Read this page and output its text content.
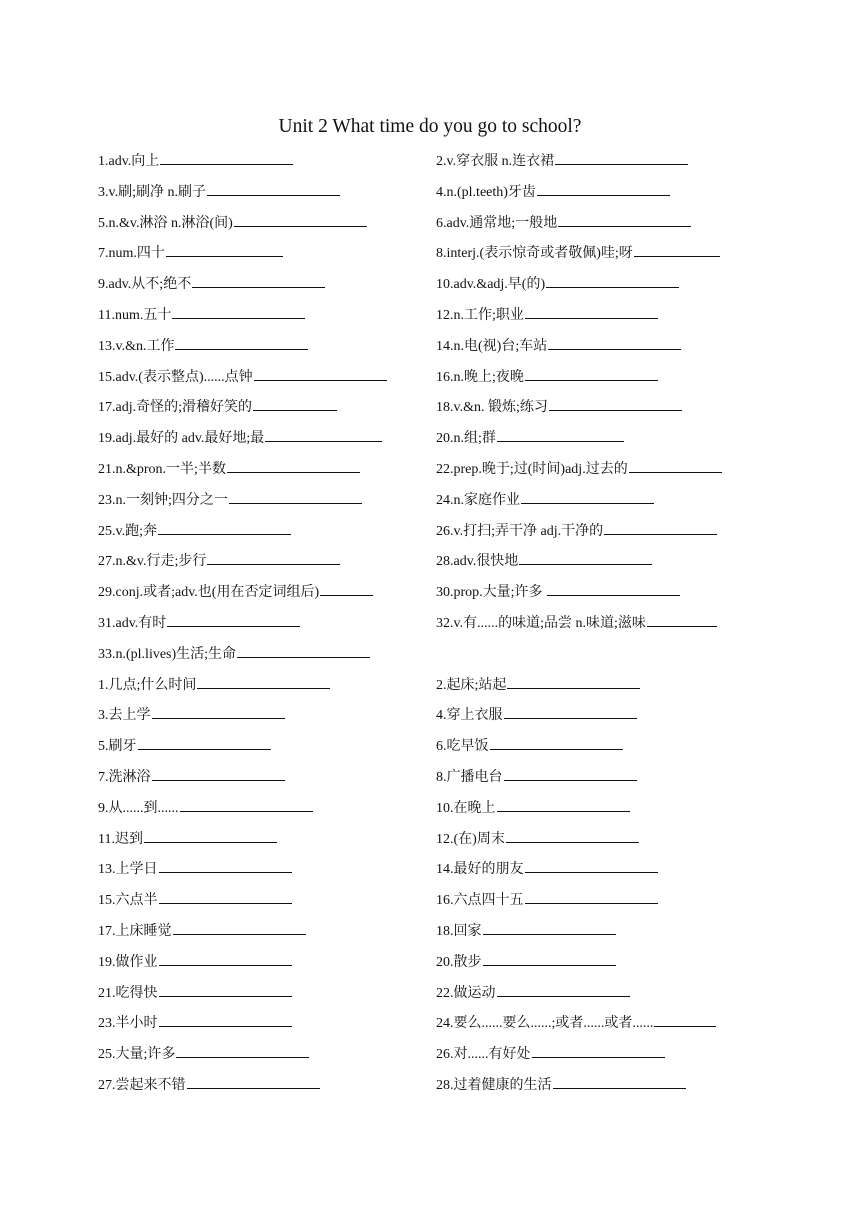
Unit 2 What time do you go to school?
1.adv.向上	2.v.穿衣服 n.连衣裙
3.v.刷;刷净 n.刷子	4.n.(pl.teeth)牙齿
5.n.&v.淋浴 n.淋浴(间)	6.adv.通常地;一般地
7.num.四十	8.interj.(表示惊奇或者敬佩)哇;呀
9.adv.从不;绝不	10.adv.&adj.早(的)
11.num.五十	12.n.工作;职业
13.v.&n.工作	14.n.电(视)台;车站
15.adv.(表示整点)......点钟	16.n.晚上;夜晚
17.adj.奇怪的;滑稽好笑的	18.v.&n. 锻炼;练习
19.adj.最好的 adv.最好地;最	20.n.组;群
21.n.&pron.一半;半数	22.prep.晚于;过(时间)adj.过去的
23.n.一刻钟;四分之一	24.n.家庭作业
25.v.跑;奔	26.v.打扫;弄干净 adj.干净的
27.n.&v.行走;步行	28.adv.很快地
29.conj.或者;adv.也(用在否定词组后)	30.prop.大量;许多
31.adv.有时	32.v.有......的味道;品尝 n.味道;滋味
33.n.(pl.lives)生活;生命
1.几点;什么时间	2.起床;站起
3.去上学	4.穿上衣服
5.刷牙	6.吃早饭
7.洗淋浴	8.广播电台
9.从......到......	10.在晚上
11.迟到	12.(在)周末
13.上学日	14.最好的朋友
15.六点半	16.六点四十五
17.上床睡觉	18.回家
19.做作业	20.散步
21.吃得快	22.做运动
23.半小时	24.要么......要么......;或者......或者......
25.大量;许多	26.对......有好处
27.尝起来不错	28.过着健康的生活
